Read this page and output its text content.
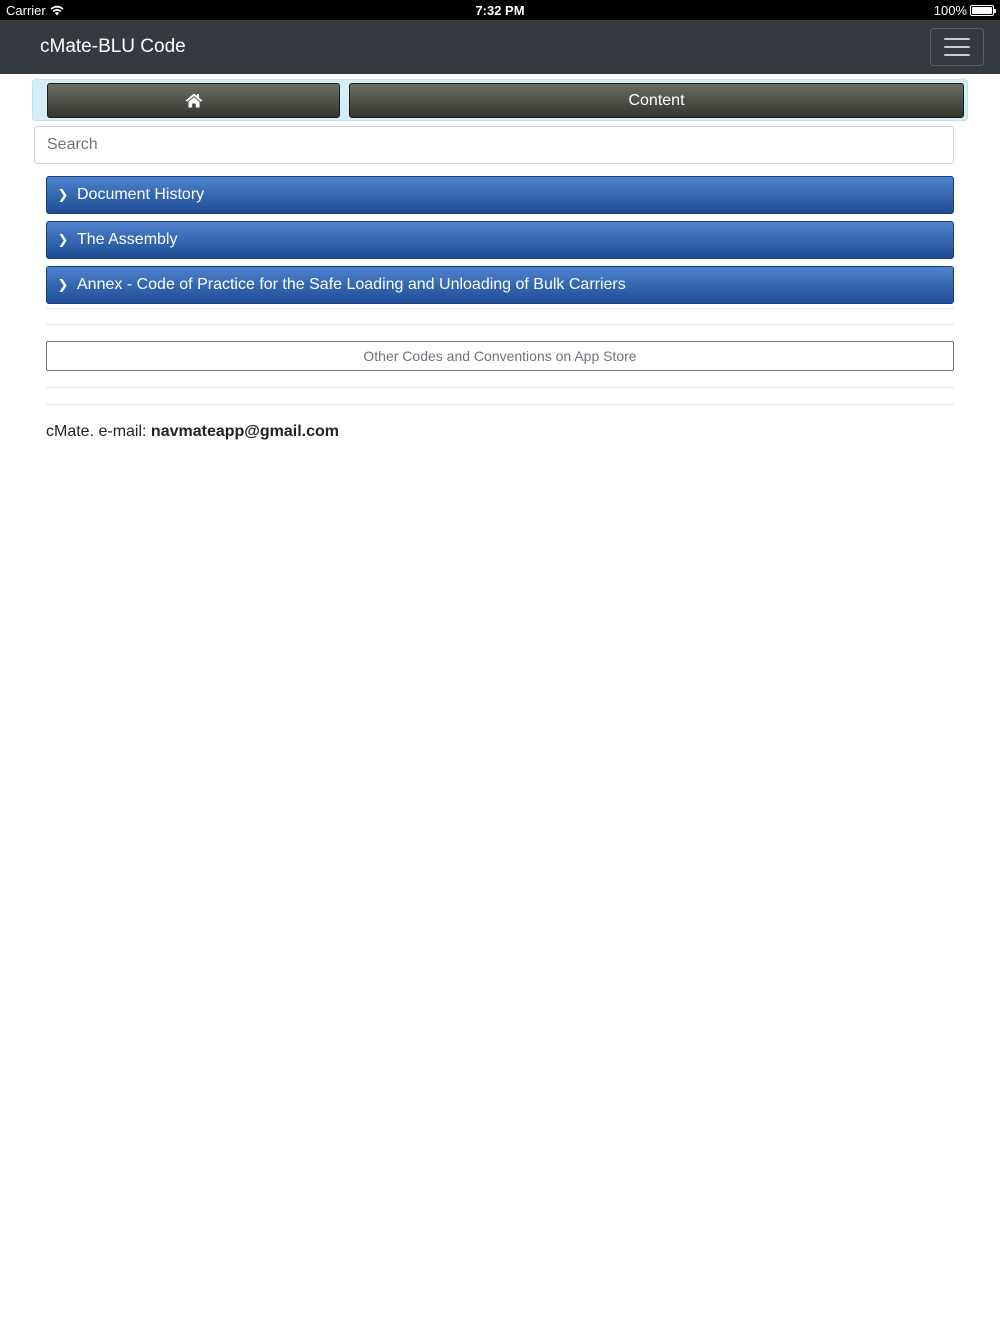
Carrier	7:32 PM	100%
cMate-BLU Code
Content
Search
❯ Document History
❯ The Assembly
❯ Annex - Code of Practice for the Safe Loading and Unloading of Bulk Carriers
Other Codes and Conventions on App Store
cMate. e-mail: navmateapp@gmail.com
